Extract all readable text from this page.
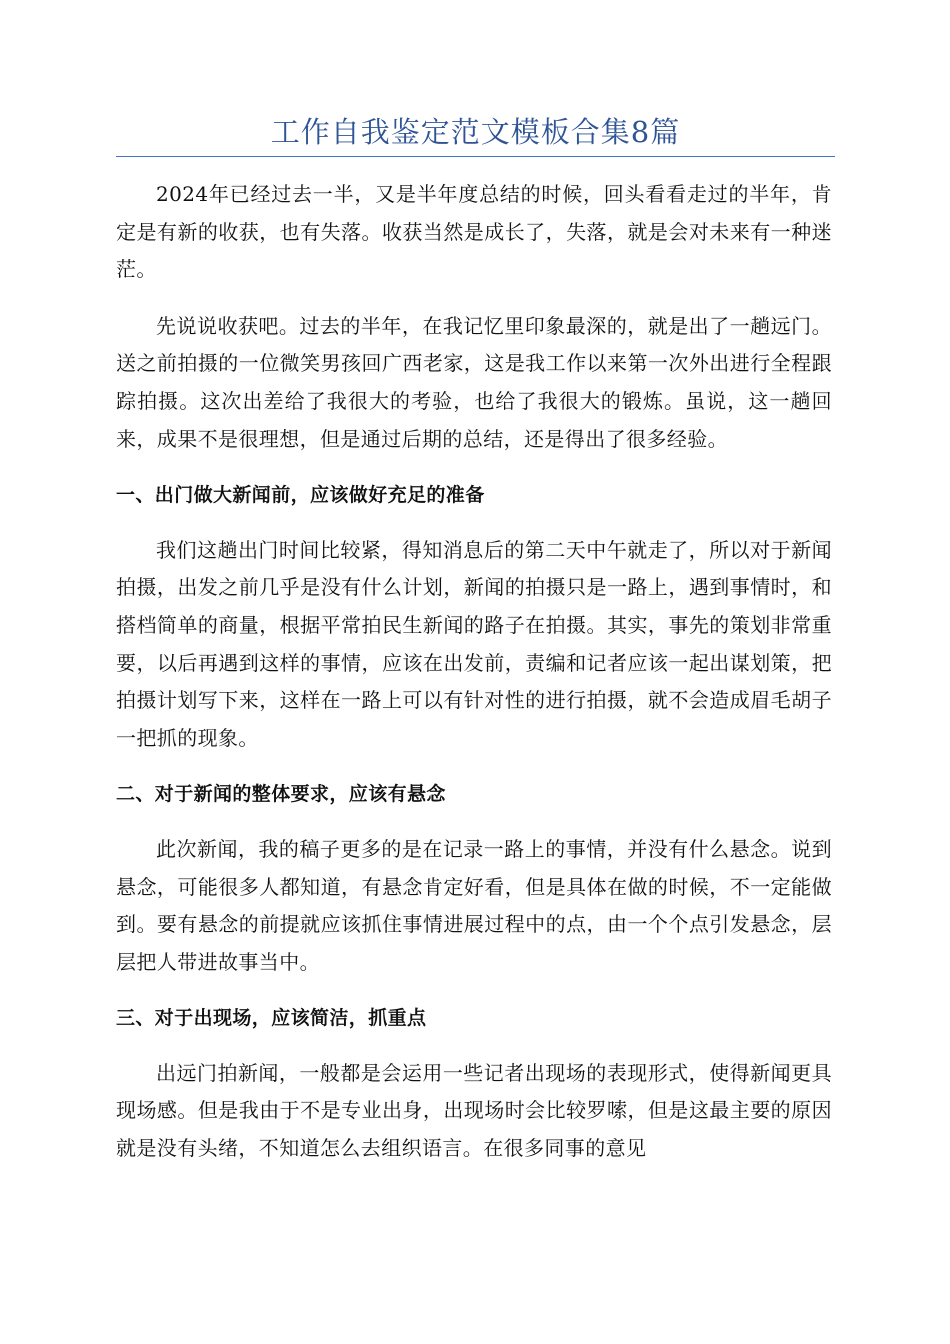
工作自我鉴定范文模板合集8篇

2024年已经过去一半，又是半年度总结的时候，回头看看走过的半年，肯定是有新的收获，也有失落。收获当然是成长了，失落，就是会对未来有一种迷茫。

先说说收获吧。过去的半年，在我记忆里印象最深的，就是出了一趟远门。送之前拍摄的一位微笑男孩回广西老家，这是我工作以来第一次外出进行全程跟踪拍摄。这次出差给了我很大的考验，也给了我很大的锻炼。虽说，这一趟回来，成果不是很理想，但是通过后期的总结，还是得出了很多经验。

一、出门做大新闻前，应该做好充足的准备

我们这趟出门时间比较紧，得知消息后的第二天中午就走了，所以对于新闻拍摄，出发之前几乎是没有什么计划，新闻的拍摄只是一路上，遇到事情时，和搭档简单的商量，根据平常拍民生新闻的路子在拍摄。其实，事先的策划非常重要，以后再遇到这样的事情，应该在出发前，责编和记者应该一起出谋划策，把拍摄计划写下来，这样在一路上可以有针对性的进行拍摄，就不会造成眉毛胡子一把抓的现象。

二、对于新闻的整体要求，应该有悬念

此次新闻，我的稿子更多的是在记录一路上的事情，并没有什么悬念。说到悬念，可能很多人都知道，有悬念肯定好看，但是具体在做的时候，不一定能做到。要有悬念的前提就应该抓住事情进展过程中的点，由一个个点引发悬念，层层把人带进故事当中。

三、对于出现场，应该简洁，抓重点

出远门拍新闻，一般都是会运用一些记者出现场的表现形式，使得新闻更具现场感。但是我由于不是专业出身，出现场时会比较罗嗦，但是这最主要的原因就是没有头绪，不知道怎么去组织语言。在很多同事的意见
